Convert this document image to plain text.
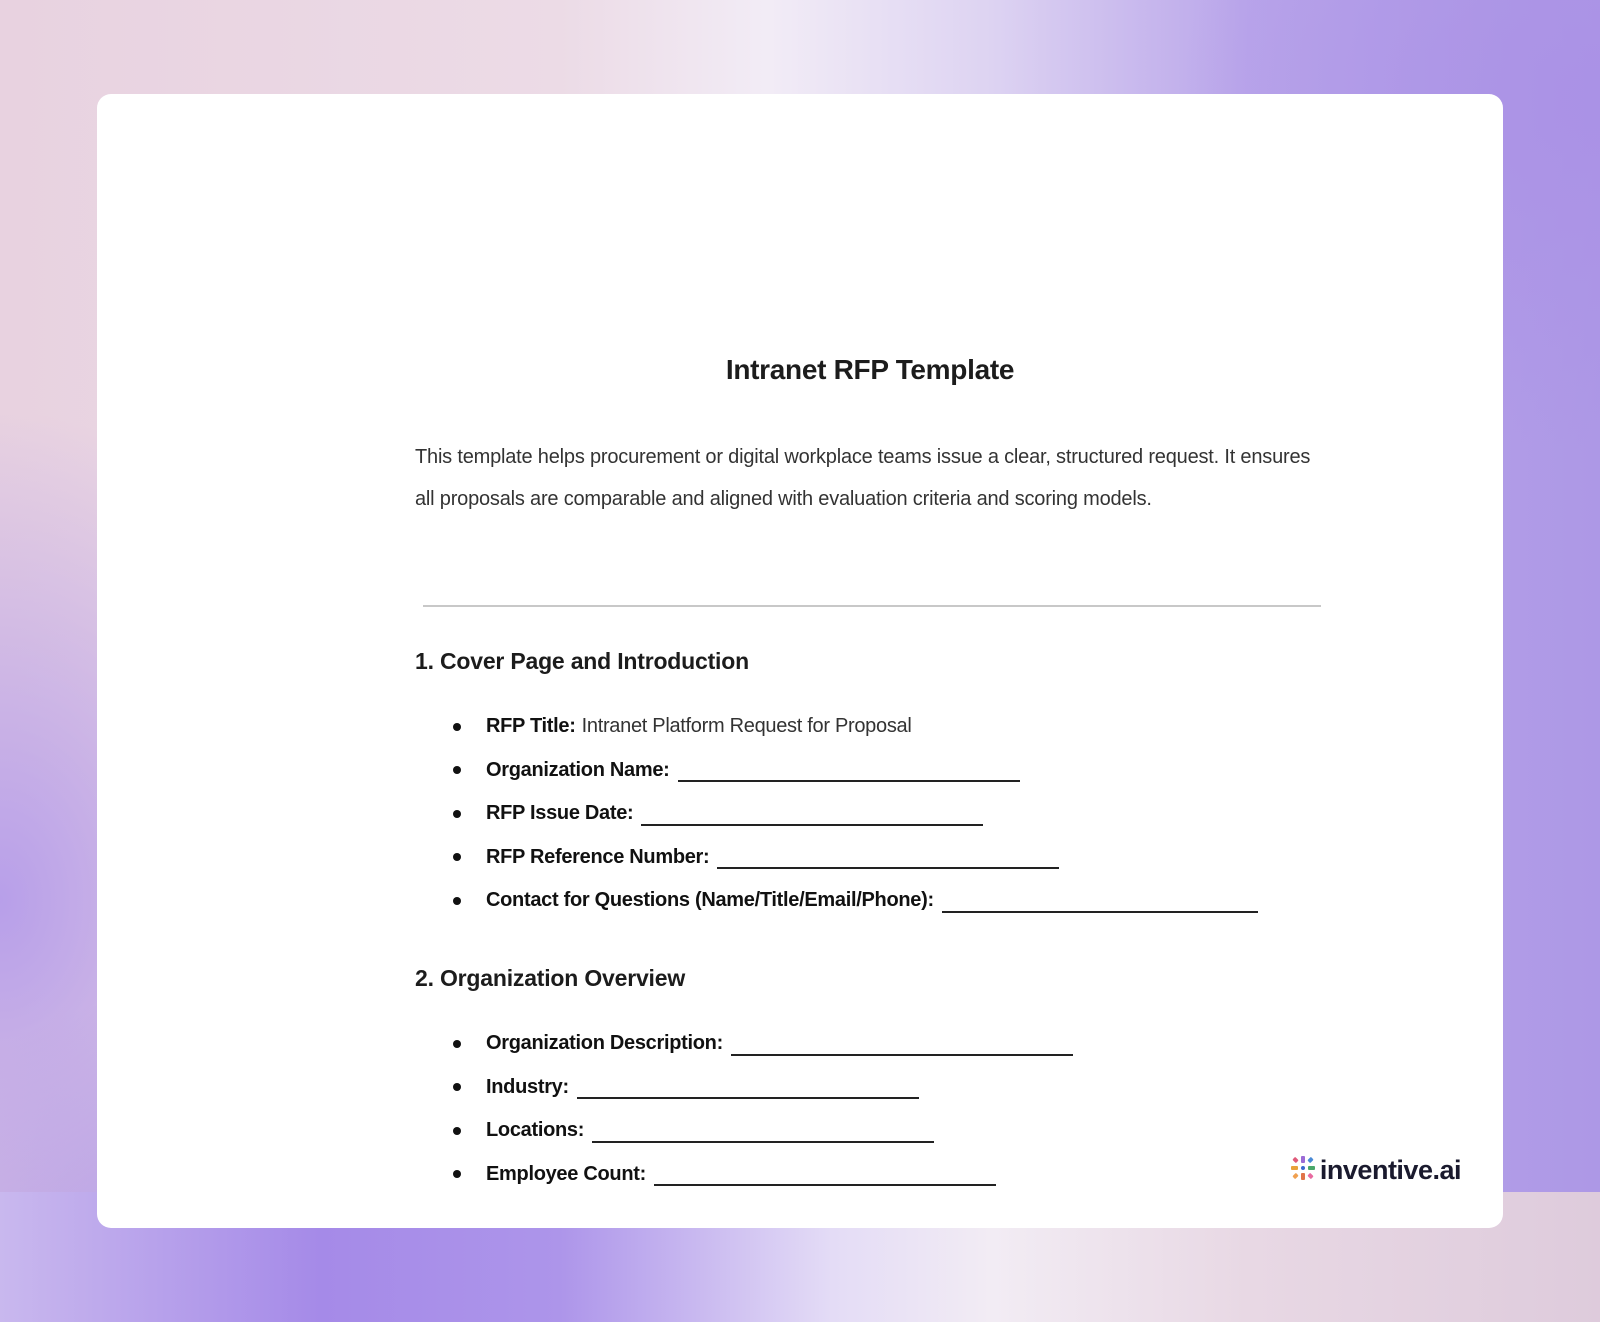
Intranet RFP Template

This template helps procurement or digital workplace teams issue a clear, structured request. It ensures all proposals are comparable and aligned with evaluation criteria and scoring models.

1. Cover Page and Introduction
RFP Title: Intranet Platform Request for Proposal
Organization Name:
RFP Issue Date:
RFP Reference Number:
Contact for Questions (Name/Title/Email/Phone):
2. Organization Overview
Organization Description:
Industry:
Locations:
Employee Count:	inventive.ai
